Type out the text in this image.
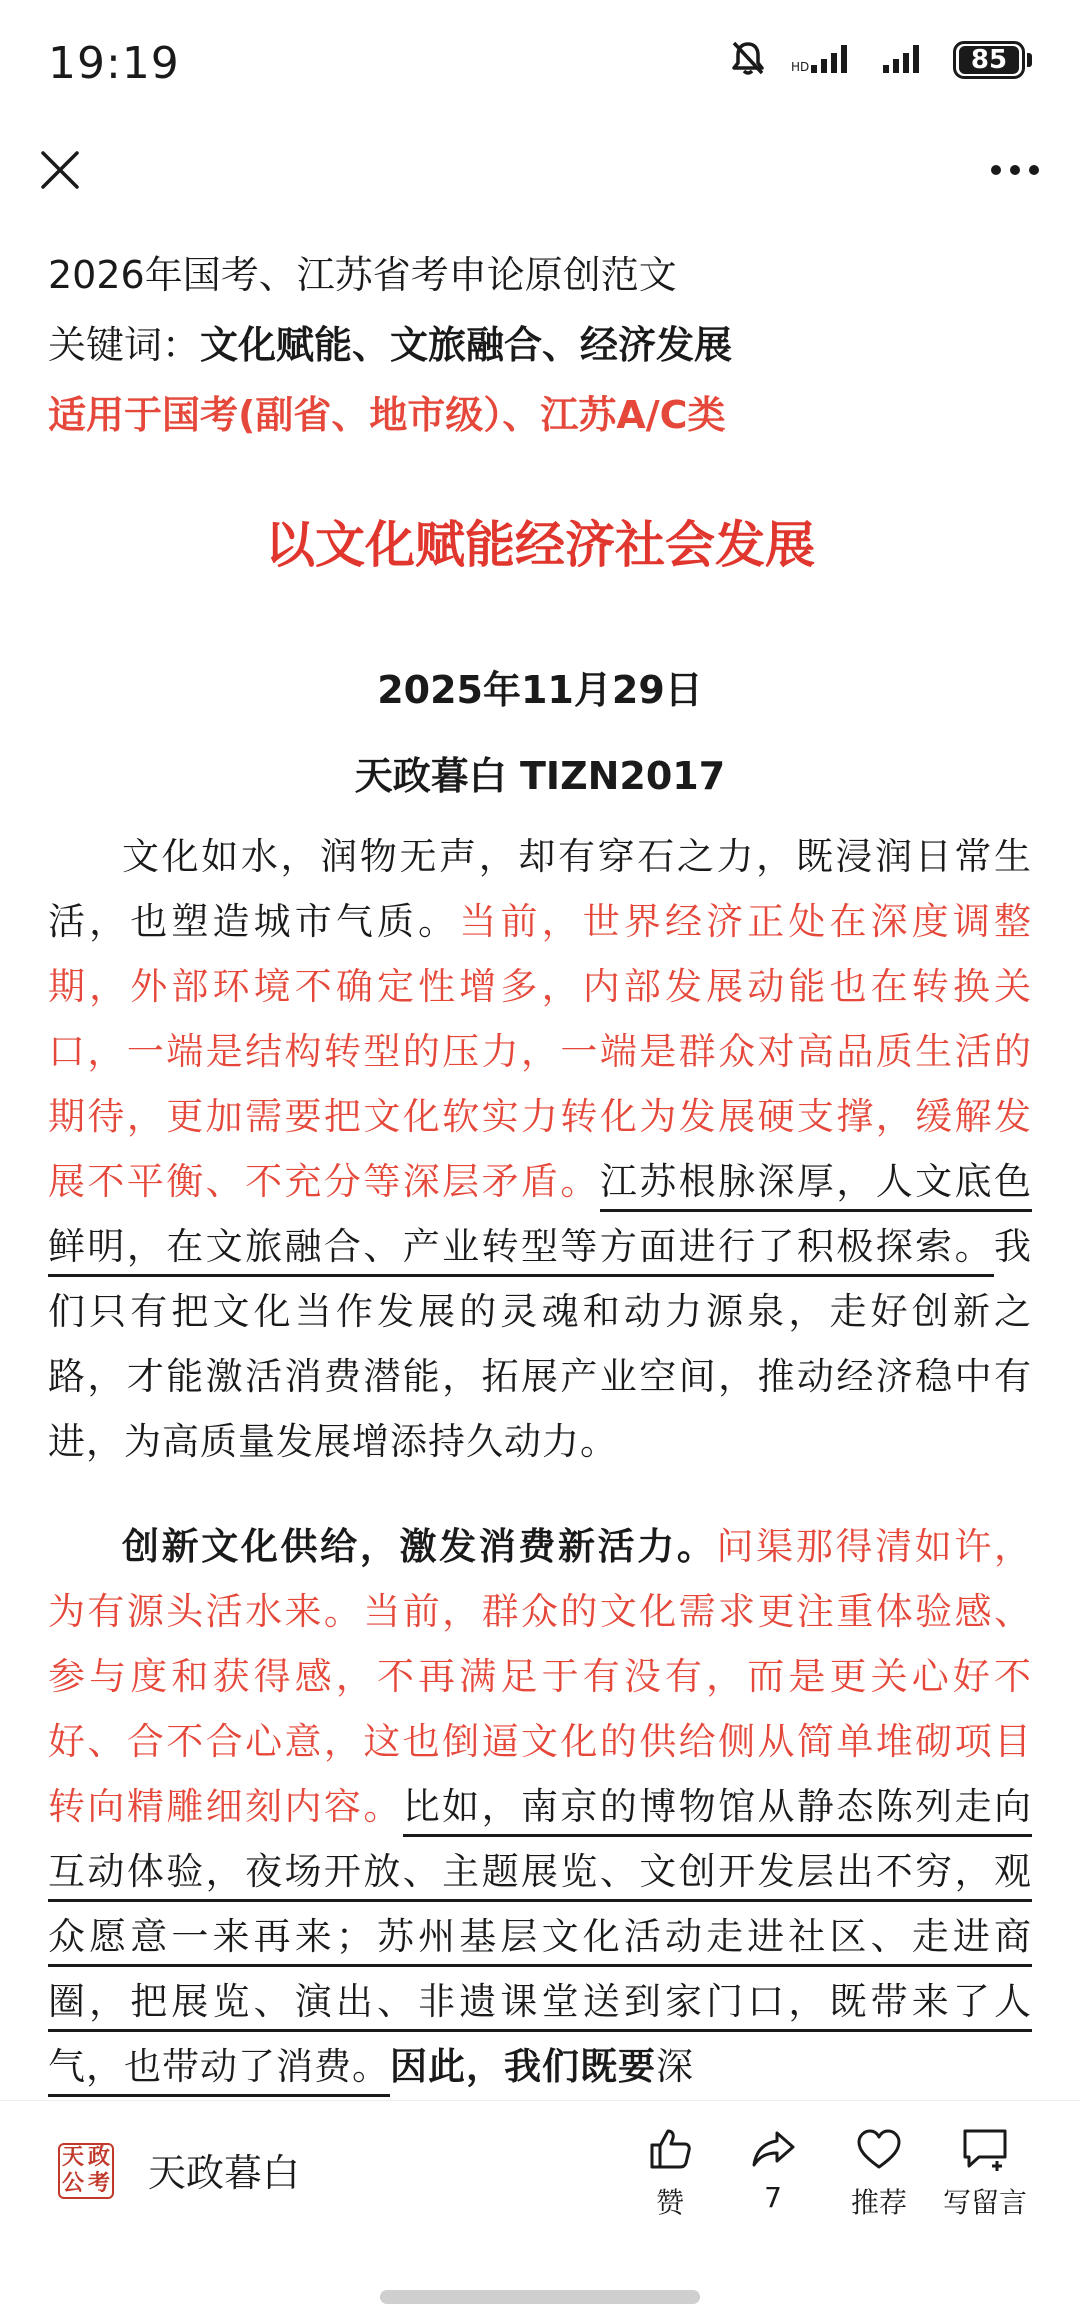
19:19	HD	85
2026年国考、江苏省考申论原创范文
关键词：文化赋能、文旅融合、经济发展
适用于国考(副省、地市级）、江苏A/C类
以文化赋能经济社会发展
2025年11月29日
天政暮白 TIZN2017

文化如水，润物无声，却有穿石之力，既浸润日常生活，也塑造城市气质。当前，世界经济正处在深度调整期，外部环境不确定性增多，内部发展动能也在转换关口，一端是结构转型的压力，一端是群众对高品质生活的期待，更加需要把文化软实力转化为发展硬支撑，缓解发展不平衡、不充分等深层矛盾。江苏根脉深厚，人文底色鲜明，在文旅融合、产业转型等方面进行了积极探索。我们只有把文化当作发展的灵魂和动力源泉，走好创新之路，才能激活消费潜能，拓展产业空间，推动经济稳中有进，为高质量发展增添持久动力。

创新文化供给，激发消费新活力。问渠那得清如许，为有源头活水来。当前，群众的文化需求更注重体验感、参与度和获得感，不再满足于有没有，而是更关心好不好、合不合心意，这也倒逼文化的供给侧从简单堆砌项目转向精雕细刻内容。比如，南京的博物馆从静态陈列走向互动体验，夜场开放、主题展览、文创开发层出不穷，观众愿意一来再来；苏州基层文化活动走进社区、走进商圈，把展览、演出、非遗课堂送到家门口，既带来了人气，也带动了消费。因此，我们既要深

天 政
公 考 天政暮白
赞	7	推荐	写留言
